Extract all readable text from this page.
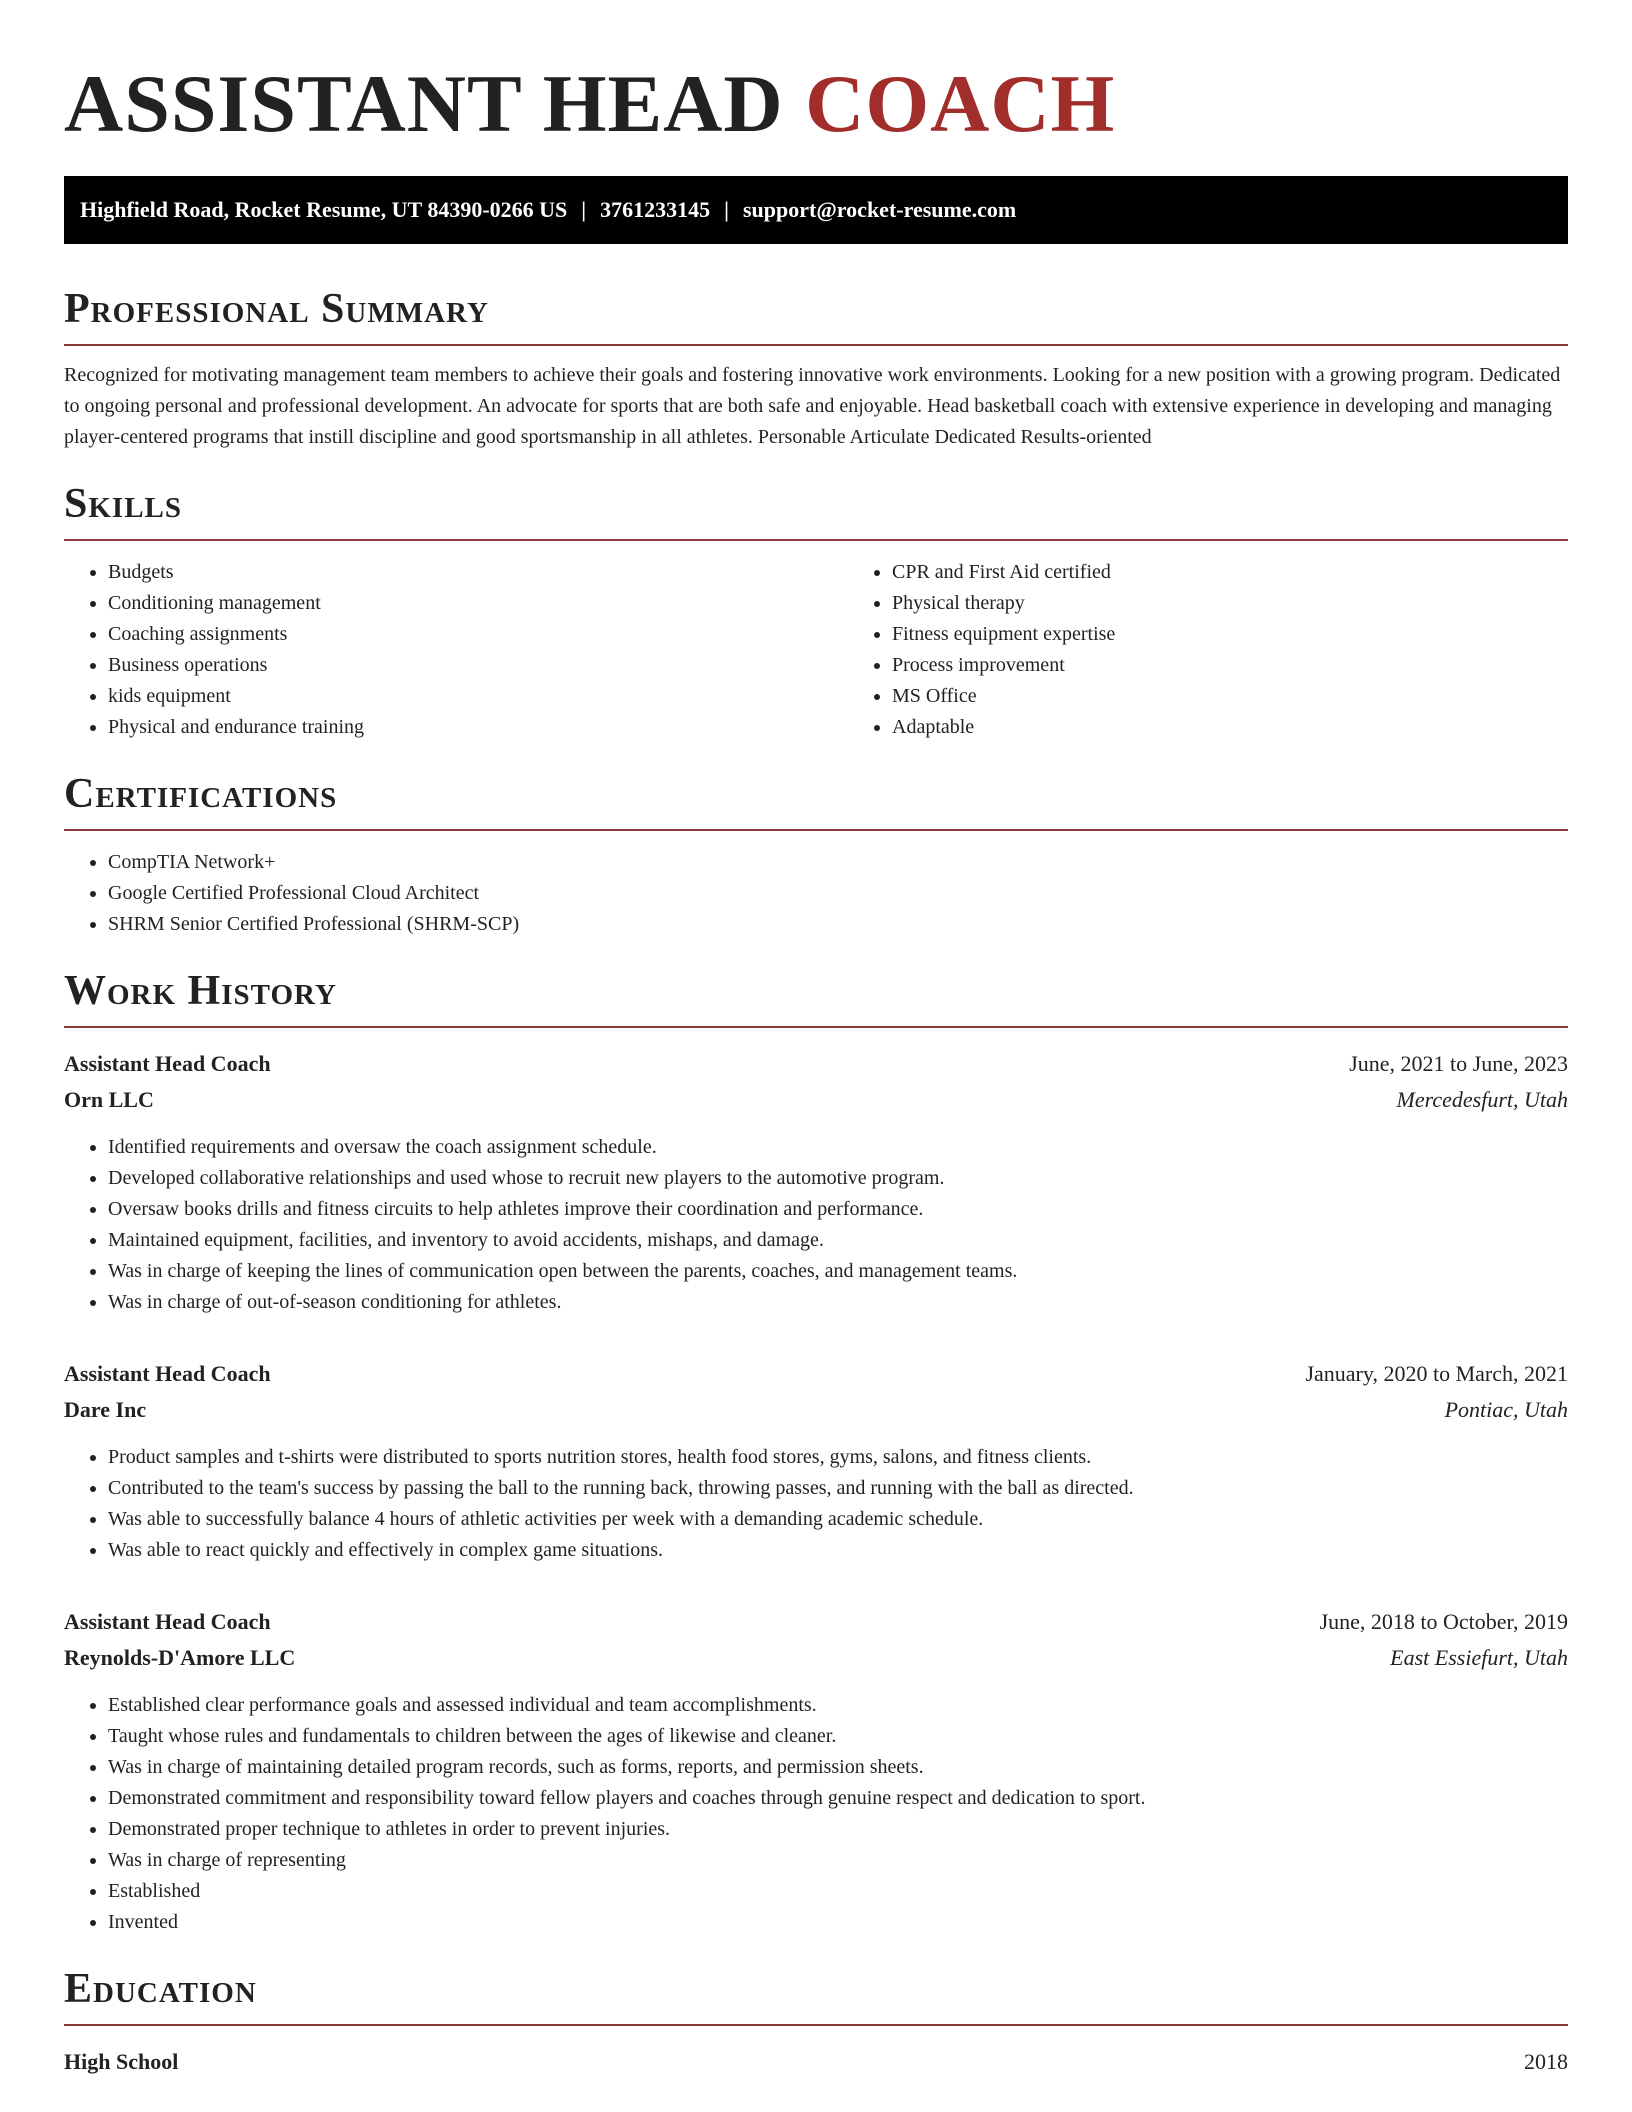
ASSISTANT HEAD COACH
Highfield Road, Rocket Resume, UT 84390-0266 US | 3761233145 | support@rocket-resume.com
Professional Summary

Recognized for motivating management team members to achieve their goals and fostering innovative work environments. Looking for a new position with a growing program. Dedicated to ongoing personal and professional development. An advocate for sports that are both safe and enjoyable. Head basketball coach with extensive experience in developing and managing player-centered programs that instill discipline and good sportsmanship in all athletes. Personable Articulate Dedicated Results-oriented

Skills
• Budgets
• Conditioning management
• Coaching assignments
• Business operations
• kids equipment
• Physical and endurance training
• CPR and First Aid certified
• Physical therapy
• Fitness equipment expertise
• Process improvement
• MS Office
• Adaptable
Certifications
• CompTIA Network+
• Google Certified Professional Cloud Architect
• SHRM Senior Certified Professional (SHRM-SCP)
Work History
Assistant Head Coach	June, 2021 to June, 2023
Orn LLC	Mercedesfurt, Utah
• Identified requirements and oversaw the coach assignment schedule.
• Developed collaborative relationships and used whose to recruit new players to the automotive program.
• Oversaw books drills and fitness circuits to help athletes improve their coordination and performance.
• Maintained equipment, facilities, and inventory to avoid accidents, mishaps, and damage.
• Was in charge of keeping the lines of communication open between the parents, coaches, and management teams.
• Was in charge of out-of-season conditioning for athletes.
Assistant Head Coach	January, 2020 to March, 2021
Dare Inc	Pontiac, Utah
• Product samples and t-shirts were distributed to sports nutrition stores, health food stores, gyms, salons, and fitness clients.
• Contributed to the team's success by passing the ball to the running back, throwing passes, and running with the ball as directed.
• Was able to successfully balance 4 hours of athletic activities per week with a demanding academic schedule.
• Was able to react quickly and effectively in complex game situations.
Assistant Head Coach	June, 2018 to October, 2019
Reynolds-D'Amore LLC	East Essiefurt, Utah
• Established clear performance goals and assessed individual and team accomplishments.
• Taught whose rules and fundamentals to children between the ages of likewise and cleaner.
• Was in charge of maintaining detailed program records, such as forms, reports, and permission sheets.
• Demonstrated commitment and responsibility toward fellow players and coaches through genuine respect and dedication to sport.
• Demonstrated proper technique to athletes in order to prevent injuries.
• Was in charge of representing
• Established
• Invented
Education
High School	2018
